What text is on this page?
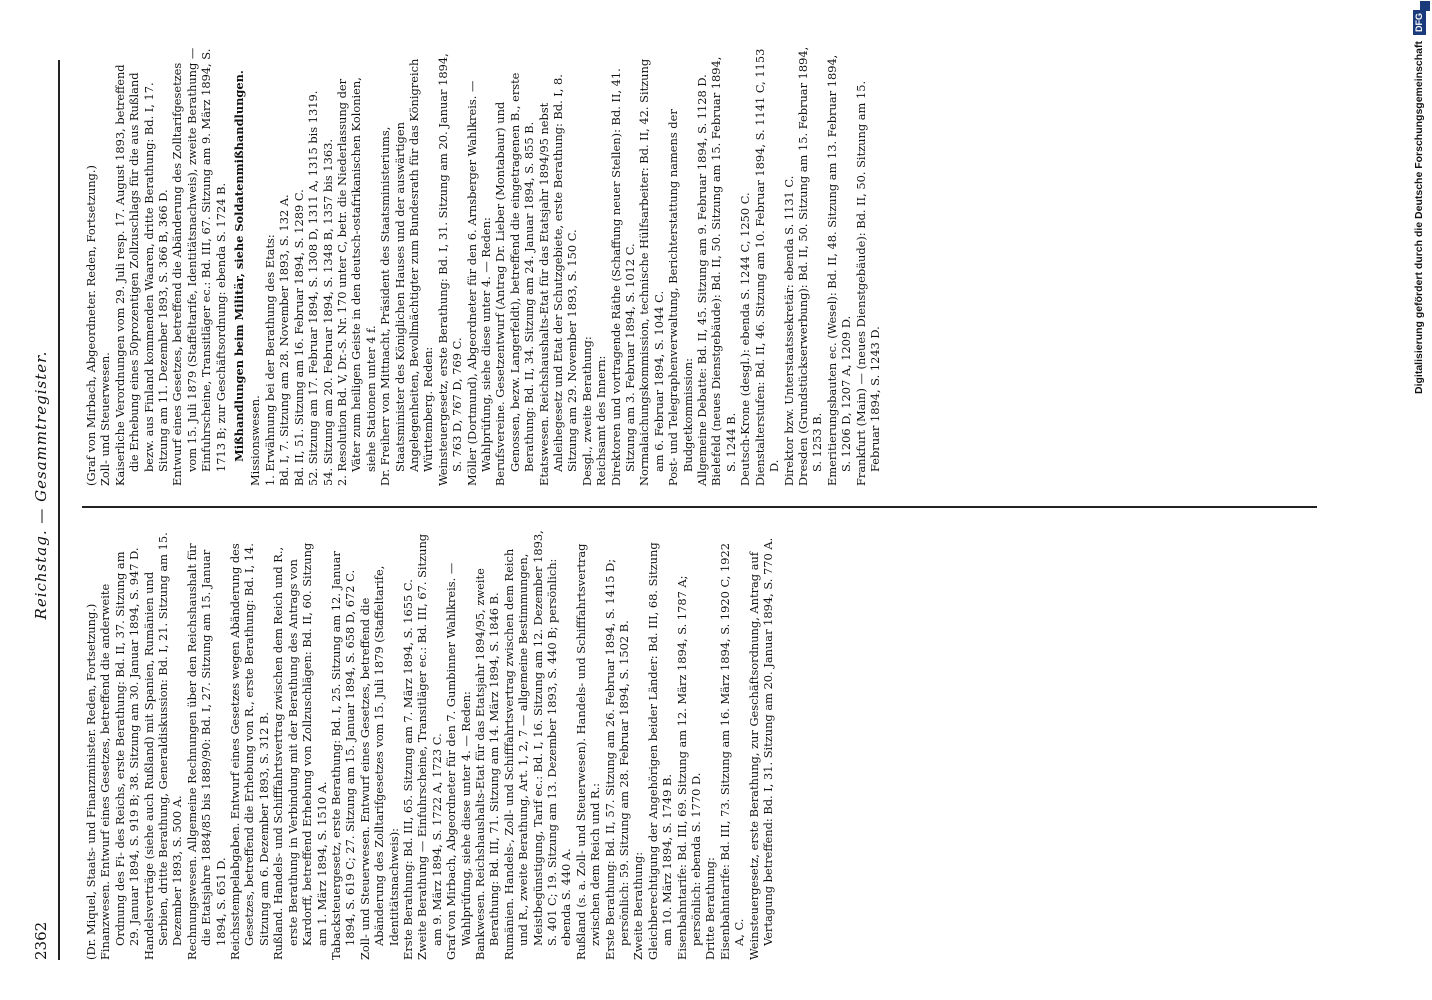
2362
Reichstag. — Gesammtregister.

(Dr. Miquel, Staats- und Finanzminister. Reden, Fortsetzung.) Finanzwesen. Entwurf eines Gesetzes, betreffend die anderweite Ordnung des Fi- des Reichs, erste Berathung: Bd. II, 37. Sitzung am 29. Januar 1894, S. 919 B; 38. Sitzung am 30. Januar 1894, S. 947 D. Handelsverträge (siehe auch Rußland) mit Spanien, Rumänien und Serbien, dritte Berathung, Generaldiskussion: Bd. I, 21. Sitzung am 15. Dezember 1893, S. 500 A. Rechnungswesen. Allgemeine Rechnungen über den Reichshaushalt für die Etatsjahre 1884/85 bis 1889/90: Bd. I, 27. Sitzung am 15. Januar 1894, S. 651 D. Reichsstempelabgaben. Entwurf eines Gesetzes wegen Abänderung des Gesetzes, betreffend die Erhebung von R., erste Berathung: Bd. I, 14. Sitzung am 6. Dezember 1893, S. 312 B. Rußland. Handels- und Schifffahrtsvertrag zwischen dem Reich und R., erste Berathung in Verbindung mit der Berathung des Antrags von Kardorff, betreffend Erhebung von Zollzuschlägen: Bd. II, 60. Sitzung am 1. März 1894, S. 1510 A. Tabacksteuergesetz, erste Berathung: Bd. I, 25. Sitzung am 12. Januar 1894, S. 619 C; 27. Sitzung am 15. Januar 1894, S. 658 D, 672 C. Zoll- und Steuerwesen. Entwurf eines Gesetzes, betreffend die Abänderung des Zolltarifgesetzes vom 15. Juli 1879 (Staffeltarife, Identitätsnachweis): Erste Berathung: Bd. III, 65. Sitzung am 7. März 1894, S. 1655 C. Zweite Berathung — Einfuhrscheine, Transitläger ec.: Bd. III, 67. Sitzung am 9. März 1894, S. 1722 A, 1723 C. Graf von Mirbach, Abgeordneter für den 7. Gumbinner Wahlkreis. — Wahlprüfung, siehe diese unter 4. — Reden: Bankwesen. Reichshaushalts-Etat für das Etatsjahr 1894/95, zweite Berathung: Bd. III, 71. Sitzung am 14. März 1894, S. 1846 B. Rumänien. Handels-, Zoll- und Schifffahrtsvertrag zwischen dem Reich und R., zweite Berathung, Art. 1, 2, 7 — allgemeine Bestimmungen, Meistbegünstigung, Tarif ec.: Bd. I, 16. Sitzung am 12. Dezember 1893, S. 401 C; 19. Sitzung am 13. Dezember 1893, S. 440 B; persönlich: ebenda S. 440 A. Rußland (s. a. Zoll- und Steuerwesen). Handels- und Schifffahrtsvertrag zwischen dem Reich und R.: Erste Berathung: Bd. II, 57. Sitzung am 26. Februar 1894, S. 1415 D; persönlich: 59. Sitzung am 28. Februar 1894, S. 1502 B. Zweite Berathung: Gleichberechtigung der Angehörigen beider Länder: Bd. III, 68. Sitzung am 10. März 1894, S. 1749 B. Eisenbahntarife: Bd. III, 69. Sitzung am 12. März 1894, S. 1787 A; persönlich: ebenda S. 1770 D. Dritte Berathung: Eisenbahntarife: Bd. III, 73. Sitzung am 16. März 1894, S. 1920 C, 1922 A, C. Weinsteuergesetz, erste Berathung, zur Geschäftsordnung, Antrag auf Vertagung betreffend: Bd. I, 31. Sitzung am 20. Januar 1894, S. 770 A.

(Graf von Mirbach, Abgeordneter. Reden, Fortsetzung.) Zoll- und Steuerwesen. Kaiserliche Verordnungen vom 29. Juli resp. 17. August 1893, betreffend die Erhebung eines 50prozentigen Zollzuschlags für die aus Rußland bezw. aus Finland kommenden Waaren, dritte Berathung: Bd. I, 17. Sitzung am 11. Dezember 1893, S. 366 B, 366 D. Entwurf eines Gesetzes, betreffend die Abänderung des Zolltarifgesetzes vom 15. Juli 1879 (Staffeltarife, Identitätsnachweis), zweite Berathung — Einfuhrscheine, Transitläger ec.: Bd. III, 67. Sitzung am 9. März 1894, S. 1713 B; zur Geschäftsordnung: ebenda S. 1724 B. Mißhandlungen beim Militär, siehe Soldatenmißhandlungen. Missionswesen. 1. Erwähnung bei der Berathung des Etats: Bd. I, 7. Sitzung am 28. November 1893, S. 132 A. Bd. II, 51. Sitzung am 16. Februar 1894, S. 1289 C. 52. Sitzung am 17. Februar 1894, S. 1308 D, 1311 A, 1315 bis 1319. 54. Sitzung am 20. Februar 1894, S. 1348 B, 1357 bis 1363. 2. Resolution Bd. V, Dr.-S. Nr. 170 unter C, betr. die Niederlassung der Väter zum heiligen Geiste in den deutsch-ostafrikanischen Kolonien, siehe Stationen unter 4 f. Dr. Freiherr von Mittnacht, Präsident des Staatsministeriums, Staatsminister des Königlichen Hauses und der auswärtigen Angelegenheiten, Bevollmächtigter zum Bundesrath für das Königreich Württemberg. Reden: Weinsteuergesetz, erste Berathung: Bd. I, 31. Sitzung am 20. Januar 1894, S. 763 D, 767 D, 769 C. Möller (Dortmund), Abgeordneter für den 6. Arnsberger Wahlkreis. — Wahlprüfung, siehe diese unter 4. — Reden: Berufsvereine. Gesetzentwurf (Antrag Dr. Lieber (Montabaur) und Genossen, bezw. Langerfeldt), betreffend die eingetragenen B., erste Berathung: Bd. II, 34. Sitzung am 24. Januar 1894, S. 855 B. Etatswesen. Reichshaushalts-Etat für das Etatsjahr 1894/95 nebst Anleihegesetz und Etat der Schutzgebiete, erste Berathung: Bd. I, 8. Sitzung am 29. November 1893, S. 150 C. Desgl., zweite Berathung: Reichsamt des Innern: Direktoren und vortragende Räthe (Schaffung neuer Stellen): Bd. II, 41. Sitzung am 3. Februar 1894, S. 1012 C. Normalaichungskommission, technische Hülfsarbeiter: Bd. II, 42. Sitzung am 6. Februar 1894, S. 1044 C. Post- und Telegraphenverwaltung, Berichterstattung namens der Budgetkommission: Allgemeine Debatte: Bd. II, 45. Sitzung am 9. Februar 1894, S. 1128 D. Bielefeld (neues Dienstgebäude): Bd. II, 50. Sitzung am 15. Februar 1894, S. 1244 B. Deutsch-Krone (desgl.): ebenda S. 1244 C, 1250 C. Dienstalterstufen: Bd. II, 46. Sitzung am 10. Februar 1894, S. 1141 C, 1153 D. Direktor bzw. Unterstaatssekretär: ebenda S. 1131 C. Dresden (Grundstückserwerbung): Bd. II, 50. Sitzung am 15. Februar 1894, S. 1253 B. Emeritierungsbauten ec. (Wesel): Bd. II, 48. Sitzung am 13. Februar 1894, S. 1206 D, 1207 A, 1209 D. Frankfurt (Main) — (neues Dienstgebäude): Bd. II, 50. Sitzung am 15. Februar 1894, S. 1243 D.

Digitalisierung gefördert durch die Deutsche ForschungsgemeinschaftDFG
